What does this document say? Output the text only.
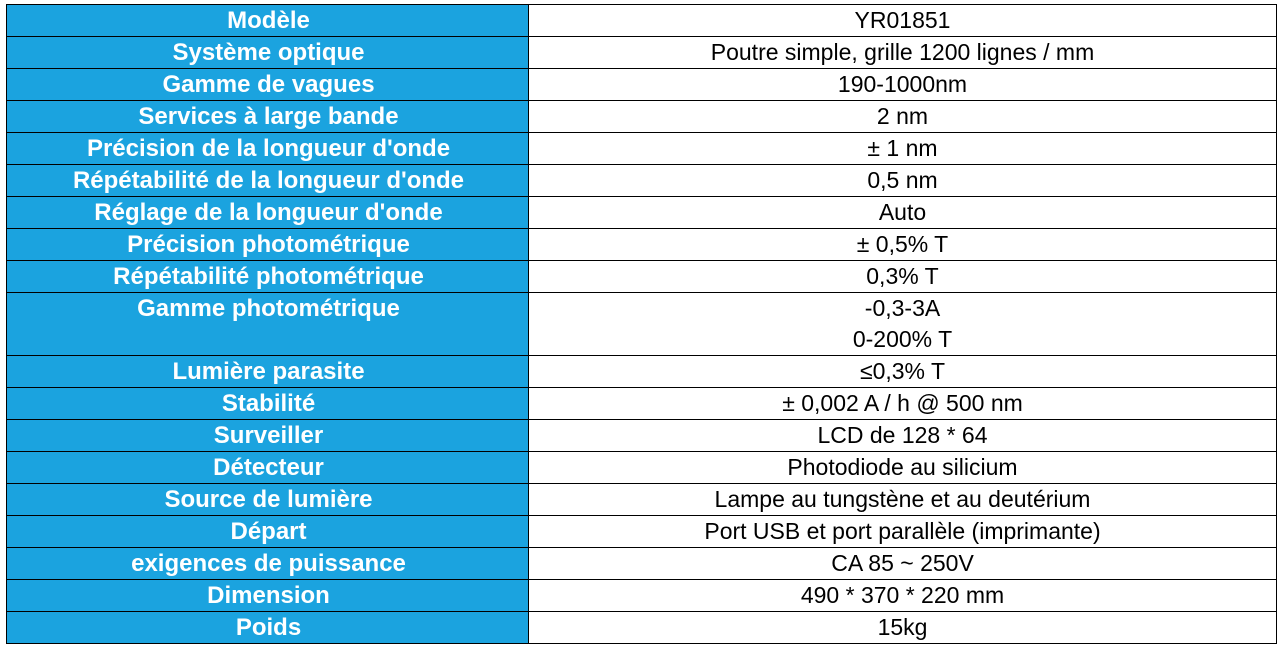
Modèle	YR01851

Système optique	Poutre simple, grille 1200 lignes / mm

Gamme de vagues	190-1000nm

Services à large bande	2 nm

Précision de la longueur d'onde	± 1 nm

Répétabilité de la longueur d'onde	0,5 nm

Réglage de la longueur d'onde	Auto

Précision photométrique	± 0,5% T

Répétabilité photométrique	0,3% T

Gamme photométrique	-0,3-3A
0-200% T

Lumière parasite	≤0,3% T

Stabilité	± 0,002 A / h @ 500 nm

Surveiller	LCD de 128 * 64

Détecteur	Photodiode au silicium

Source de lumière	Lampe au tungstène et au deutérium

Départ	Port USB et port parallèle (imprimante)

exigences de puissance	CA 85 ~ 250V

Dimension	490 * 370 * 220 mm

Poids	15kg
